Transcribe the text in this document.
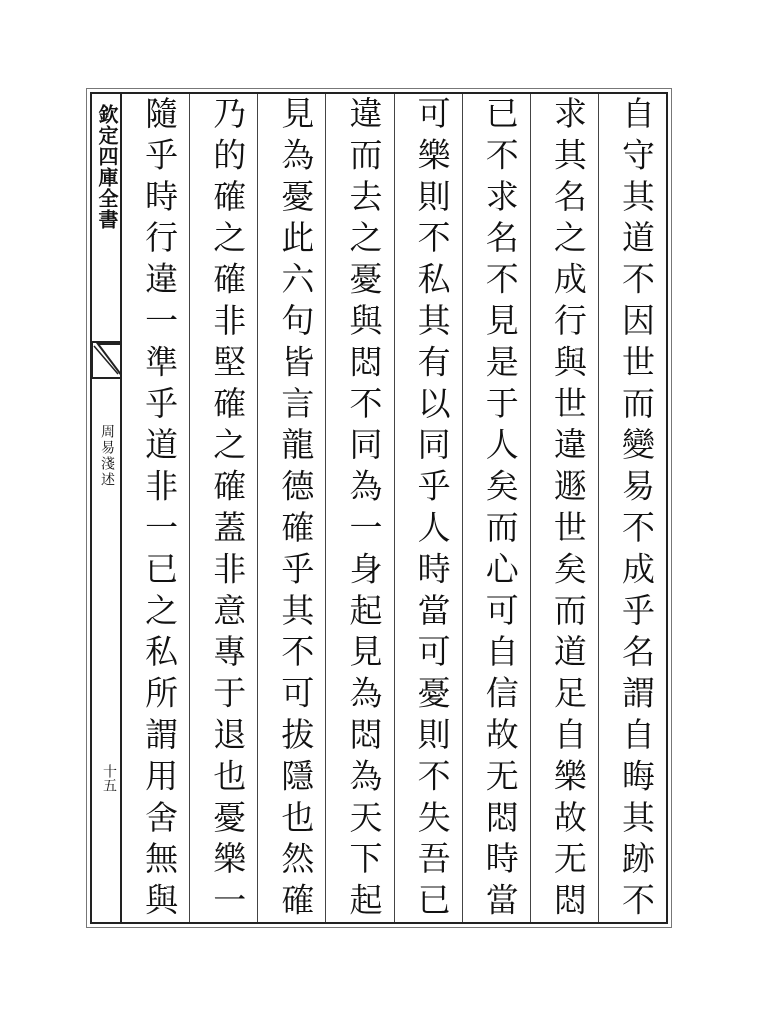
欽定四庫全書
周易淺述
十五	自守其道不因世而變易不成乎名謂自晦其跡不
求其名之成行與世違遯世矣而道足自樂故无悶
已不求名不見是于人矣而心可自信故无悶時當
可樂則不私其有以同乎人時當可憂則不失吾已
違而去之憂與悶不同為一身起見為悶為天下起
見為憂此六句皆言龍德確乎其不可拔隱也然確
乃的確之確非堅確之確蓋非意專于退也憂樂一
隨乎時行違一準乎道非一已之私所謂用舍無與
